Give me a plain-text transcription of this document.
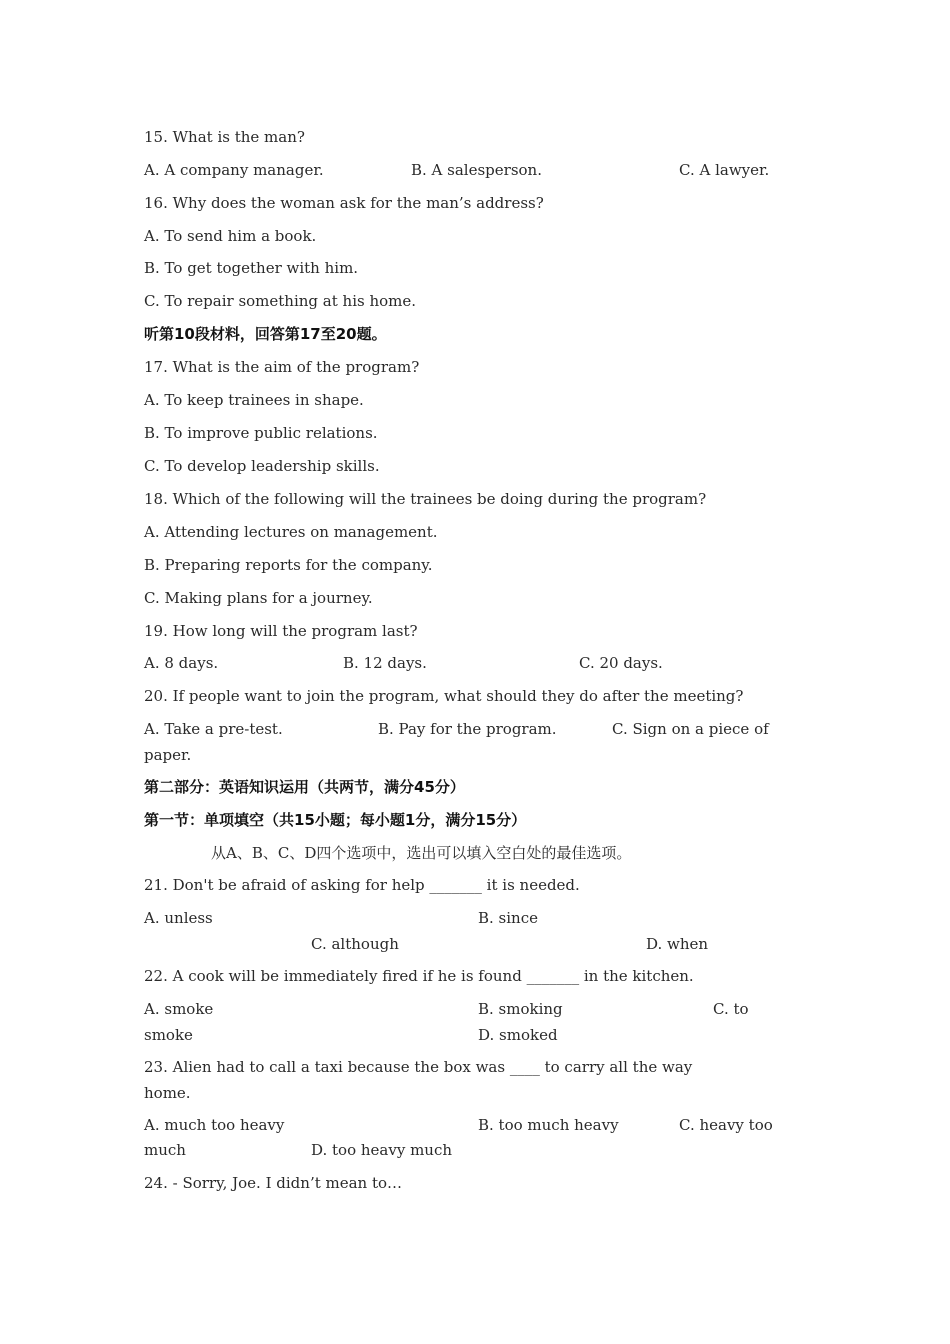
15. What is the man?
A. A company manager.	B. A salesperson.	C. A lawyer.
16. Why does the woman ask for the man’s address?
A. To send him a book.
B. To get together with him.
C. To repair something at his home.
听第10段材料，回答第17至20题。
17. What is the aim of the program?
A. To keep trainees in shape.
B. To improve public relations.
C. To develop leadership skills.
18. Which of the following will the trainees be doing during the program?
A. Attending lectures on management.
B. Preparing reports for the company.
C. Making plans for a journey.
19. How long will the program last?
A. 8 days.	B. 12 days.	C. 20 days.
20. If people want to join the program, what should they do after the meeting?
A. Take a pre-test.	B. Pay for the program.	C. Sign on a piece of
paper.
第二部分：英语知识运用（共两节，满分45分）
第一节：单项填空（共15小题；每小题1分，满分15分）
从A、B、C、D四个选项中，选出可以填入空白处的最佳选项。
21. Don't be afraid of asking for help _______ it is needed.
A. unless	B. since
C. although	D. when
22. A cook will be immediately fired if he is found _______ in the kitchen.
A. smoke	B. smoking	C. to
smoke	D. smoked
23. Alien had to call a taxi because the box was ____ to carry all the way
home.
A. much too heavy	B. too much heavy	C. heavy too
much	D. too heavy much
24. - Sorry, Joe. I didn’t mean to…
